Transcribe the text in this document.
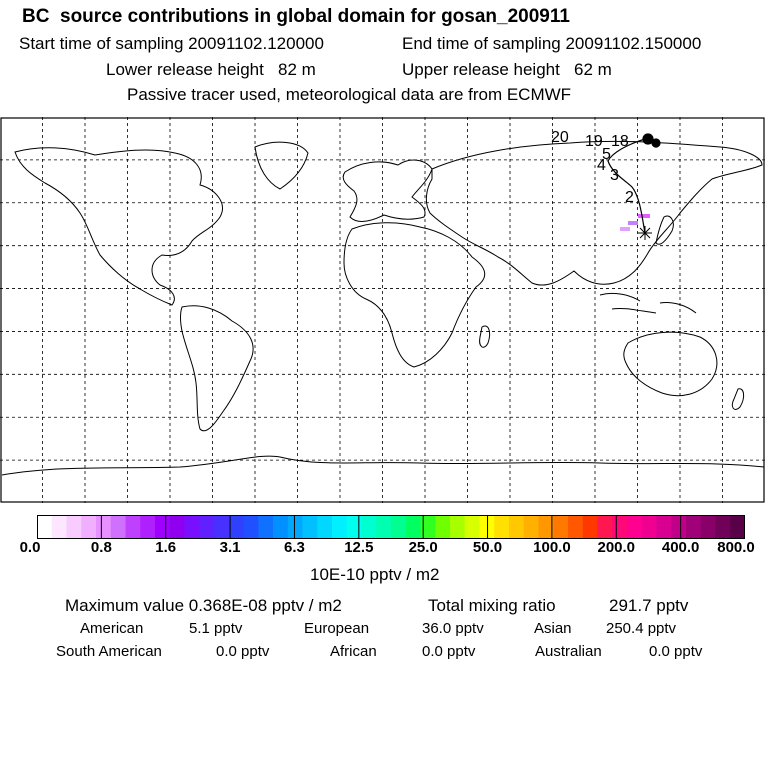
BC  source contributions in global domain for gosan_200911
Start time of sampling 20091102.120000	End time of sampling 20091102.150000
Lower release height   82 m	Upper release height   62 m
Passive tracer used, meteorological data are from ECMWF
20 19 18
5
4
3
2
0.0	0.8	1.6	3.1	6.3	12.5 25.0 50.0 100.0 200.0 400.0 800.0
10E-10 pptv / m2
Maximum value 0.368E-08 pptv / m2	Total mixing ratio	291.7 pptv
American	5.1 pptv	European	36.0 pptv	Asian 250.4 pptv
South American	0.0 pptv	African	0.0 pptv	Australian	0.0 pptv
